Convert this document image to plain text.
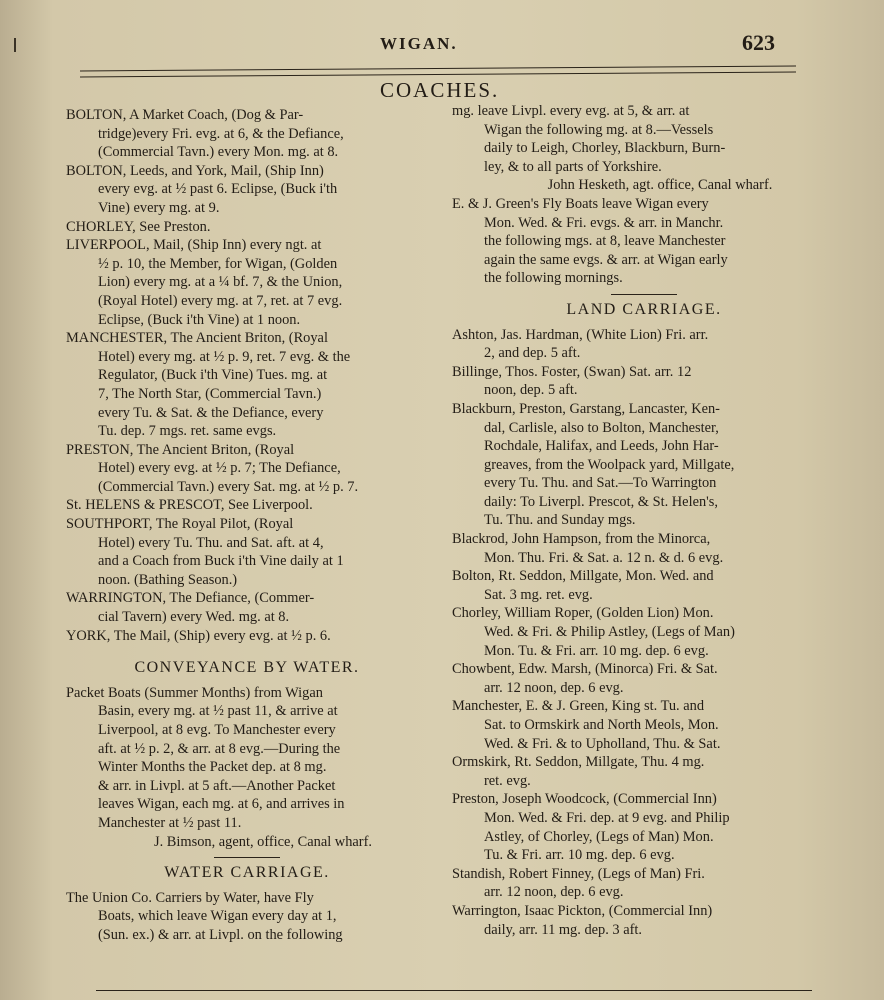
WIGAN.	623
COACHES.
BOLTON, A Market Coach, (Dog & Par-
tridge)every Fri. evg. at 6, & the Defiance,
(Commercial Tavn.) every Mon. mg. at 8.
BOLTON, Leeds, and York, Mail, (Ship Inn)
every evg. at ½ past 6. Eclipse, (Buck i'th
Vine) every mg. at 9.
CHORLEY, See Preston.
LIVERPOOL, Mail, (Ship Inn) every ngt. at
½ p. 10, the Member, for Wigan, (Golden
Lion) every mg. at a ¼ bf. 7, & the Union,
(Royal Hotel) every mg. at 7, ret. at 7 evg.
Eclipse, (Buck i'th Vine) at 1 noon.
MANCHESTER, The Ancient Briton, (Royal
Hotel) every mg. at ½ p. 9, ret. 7 evg. & the
Regulator, (Buck i'th Vine) Tues. mg. at
7, The North Star, (Commercial Tavn.)
every Tu. & Sat. & the Defiance, every
Tu. dep. 7 mgs. ret. same evgs.
PRESTON, The Ancient Briton, (Royal
Hotel) every evg. at ½ p. 7; The Defiance,
(Commercial Tavn.) every Sat. mg. at ½ p. 7.
St. HELENS & PRESCOT, See Liverpool.
SOUTHPORT, The Royal Pilot, (Royal
Hotel) every Tu. Thu. and Sat. aft. at 4,
and a Coach from Buck i'th Vine daily at 1
noon. (Bathing Season.)
WARRINGTON, The Defiance, (Commer-
cial Tavern) every Wed. mg. at 8.
YORK, The Mail, (Ship) every evg. at ½ p. 6.
CONVEYANCE BY WATER.
Packet Boats (Summer Months) from Wigan
Basin, every mg. at ½ past 11, & arrive at
Liverpool, at 8 evg. To Manchester every
aft. at ½ p. 2, & arr. at 8 evg.—During the
Winter Months the Packet dep. at 8 mg.
& arr. in Livpl. at 5 aft.—Another Packet
leaves Wigan, each mg. at 6, and arrives in
Manchester at ½ past 11.
J. Bimson, agent, office, Canal wharf.
WATER CARRIAGE.
The Union Co. Carriers by Water, have Fly
Boats, which leave Wigan every day at 1,
(Sun. ex.) & arr. at Livpl. on the following
mg. leave Livpl. every evg. at 5, & arr. at
Wigan the following mg. at 8.—Vessels
daily to Leigh, Chorley, Blackburn, Burn-
ley, & to all parts of Yorkshire.
John Hesketh, agt. office, Canal wharf.
E. & J. Green's Fly Boats leave Wigan every
Mon. Wed. & Fri. evgs. & arr. in Manchr.
the following mgs. at 8, leave Manchester
again the same evgs. & arr. at Wigan early
the following mornings.
LAND CARRIAGE.
Ashton, Jas. Hardman, (White Lion) Fri. arr.
2, and dep. 5 aft.
Billinge, Thos. Foster, (Swan) Sat. arr. 12
noon, dep. 5 aft.
Blackburn, Preston, Garstang, Lancaster, Ken-
dal, Carlisle, also to Bolton, Manchester,
Rochdale, Halifax, and Leeds, John Har-
greaves, from the Woolpack yard, Millgate,
every Tu. Thu. and Sat.—To Warrington
daily: To Liverpl. Prescot, & St. Helen's,
Tu. Thu. and Sunday mgs.
Blackrod, John Hampson, from the Minorca,
Mon. Thu. Fri. & Sat. a. 12 n. & d. 6 evg.
Bolton, Rt. Seddon, Millgate, Mon. Wed. and
Sat. 3 mg. ret. evg.
Chorley, William Roper, (Golden Lion) Mon.
Wed. & Fri. & Philip Astley, (Legs of Man)
Mon. Tu. & Fri. arr. 10 mg. dep. 6 evg.
Chowbent, Edw. Marsh, (Minorca) Fri. & Sat.
arr. 12 noon, dep. 6 evg.
Manchester, E. & J. Green, King st. Tu. and
Sat. to Ormskirk and North Meols, Mon.
Wed. & Fri. & to Upholland, Thu. & Sat.
Ormskirk, Rt. Seddon, Millgate, Thu. 4 mg.
ret. evg.
Preston, Joseph Woodcock, (Commercial Inn)
Mon. Wed. & Fri. dep. at 9 evg. and Philip
Astley, of Chorley, (Legs of Man) Mon.
Tu. & Fri. arr. 10 mg. dep. 6 evg.
Standish, Robert Finney, (Legs of Man) Fri.
arr. 12 noon, dep. 6 evg.
Warrington, Isaac Pickton, (Commercial Inn)
daily, arr. 11 mg. dep. 3 aft.
